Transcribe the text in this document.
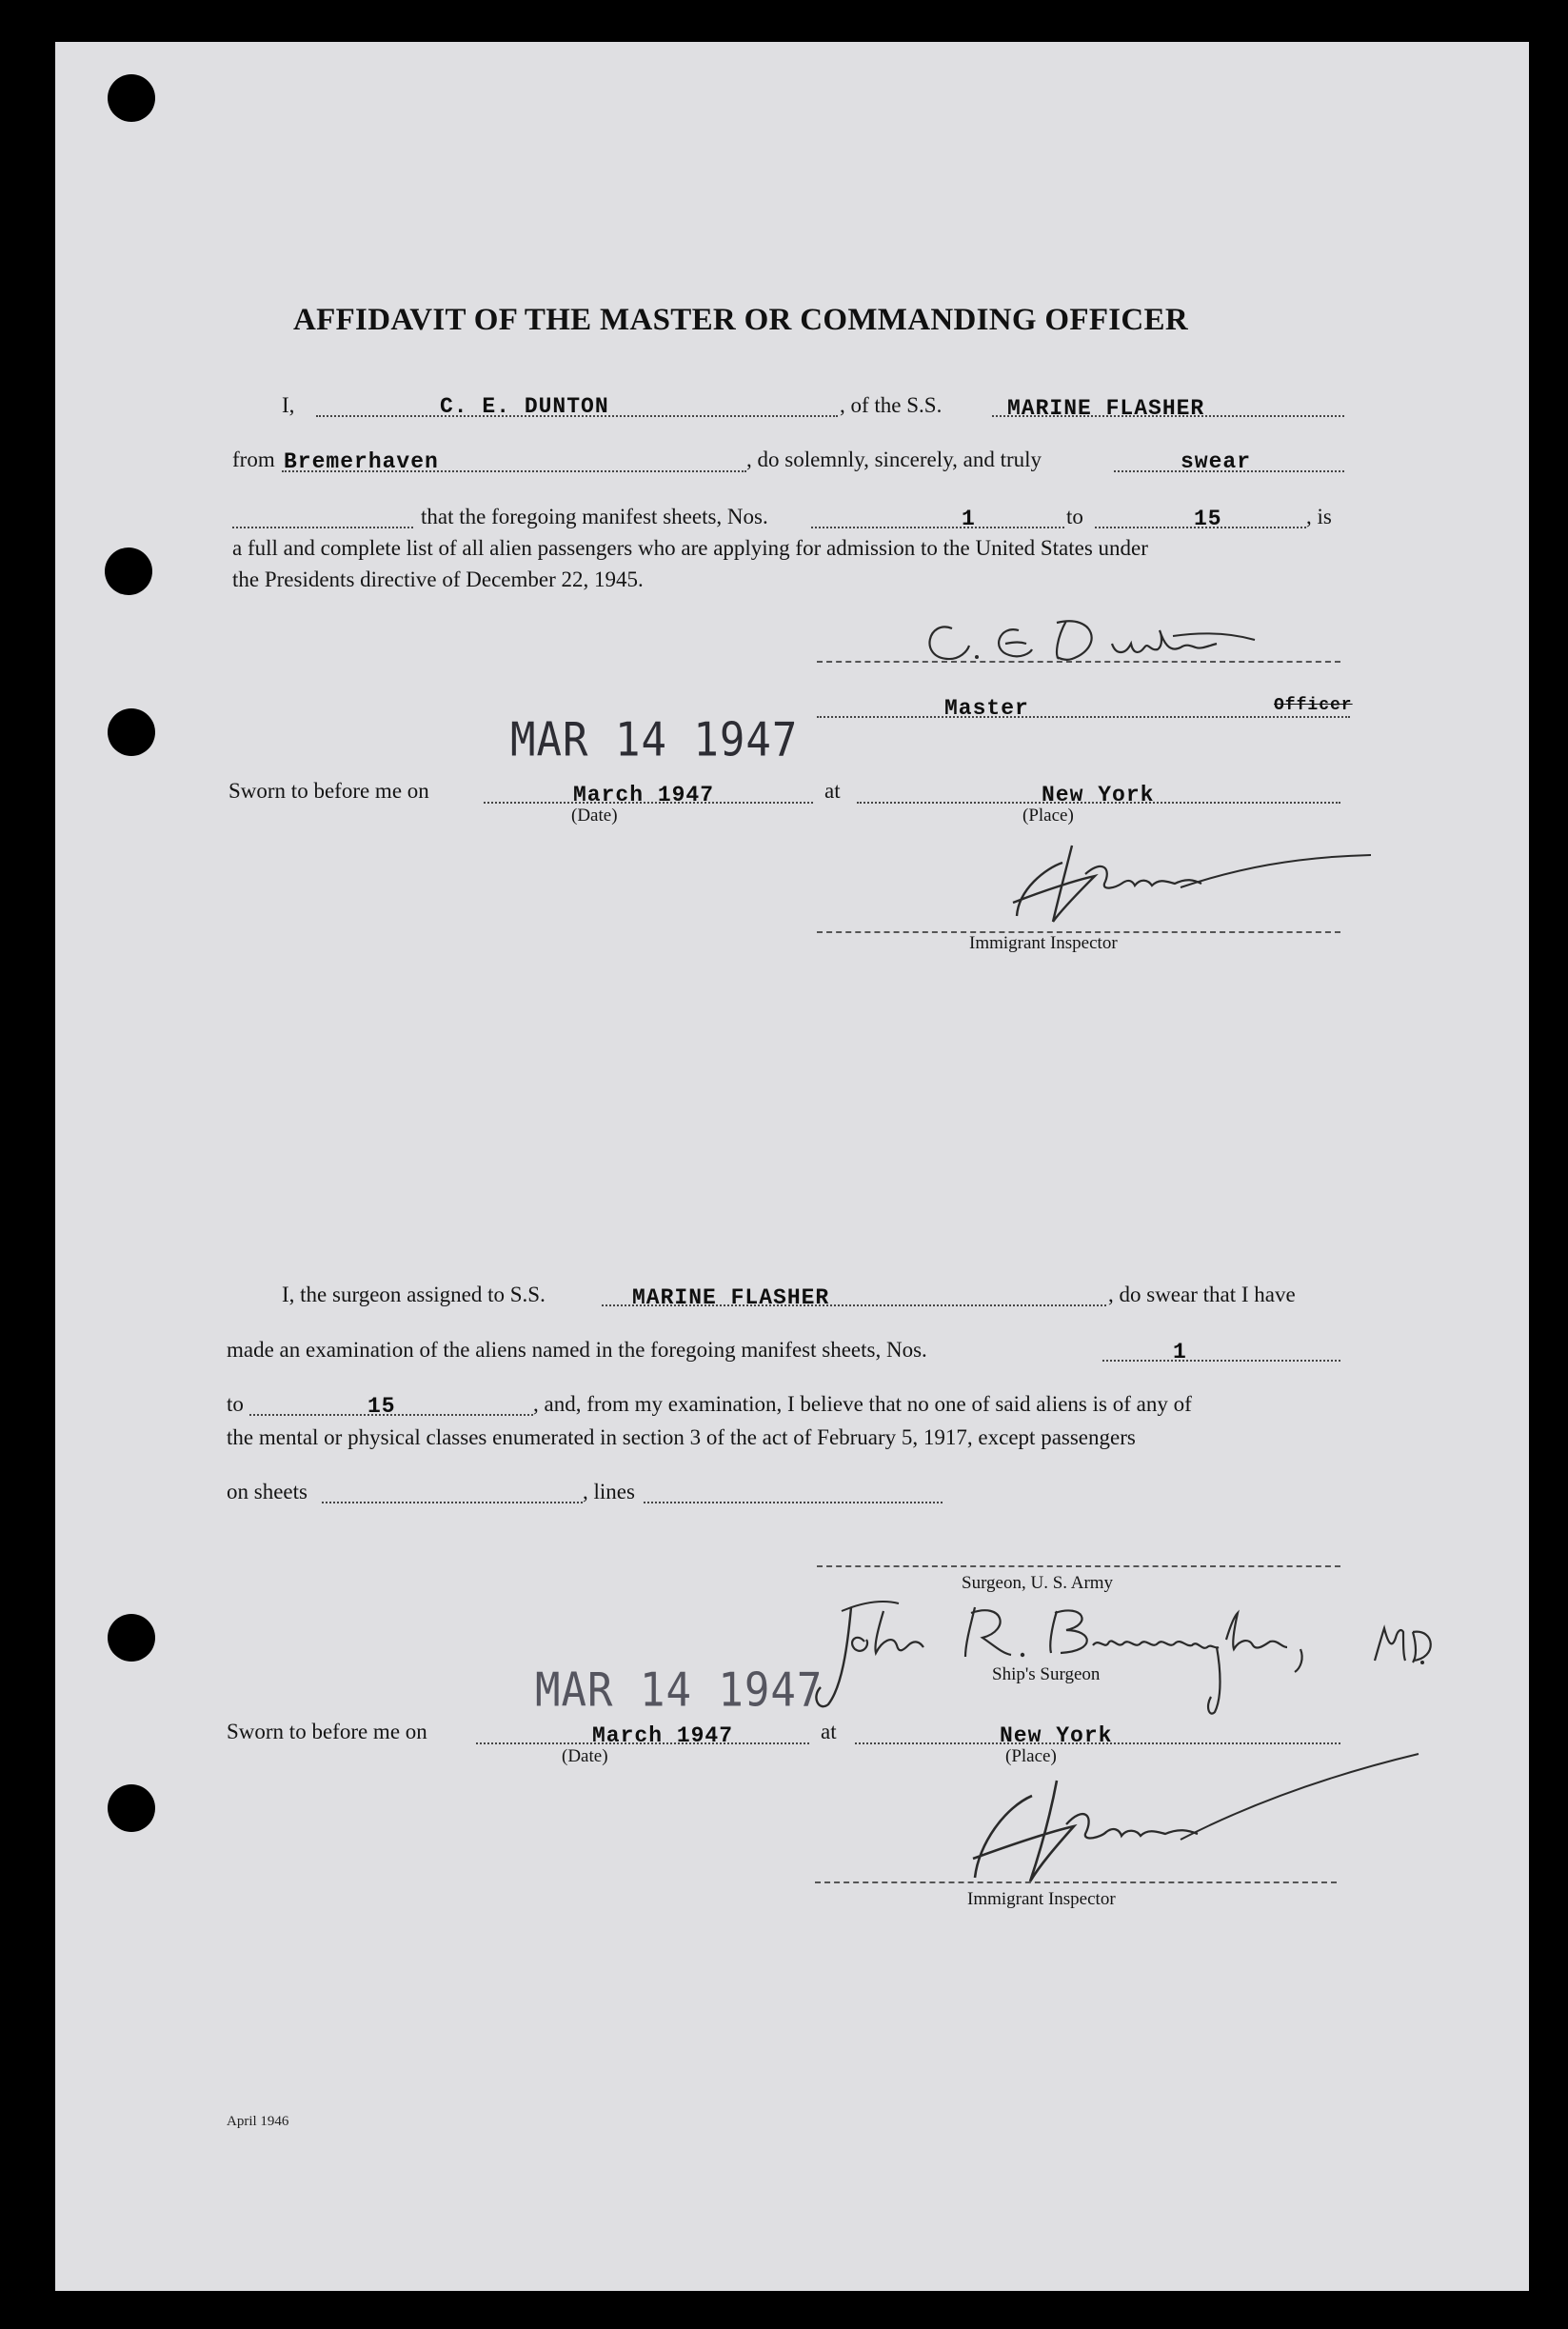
AFFIDAVIT OF THE MASTER OR COMMANDING OFFICER
I,	C. E. DUNTON	, of the S.S.	MARINE FLASHER
from Bremerhaven	, do solemnly, sincerely, and truly	swear
that the foregoing manifest sheets, Nos.	1	to	15	, is
a full and complete list of all alien passengers who are applying for admission to the United States under
the Presidents directive of December 22, 1945.
Master	Officer
MAR 14 1947
Sworn to before me on	March 1947
(Date)
at	New York
(Place)
Immigrant Inspector
I, the surgeon assigned to S.S.	MARINE FLASHER	, do swear that I have
made an examination of the aliens named in the foregoing manifest sheets, Nos.	1
to	15	, and, from my examination, I believe that no one of said aliens is of any of
the mental or physical classes enumerated in section 3 of the act of February 5, 1917, except passengers
on sheets	, lines
Surgeon, U. S. Army
Ship's Surgeon
MAR 14 1947
Sworn to before me on	March 1947
(Date)
at	New York
(Place)
Immigrant Inspector
April 1946
